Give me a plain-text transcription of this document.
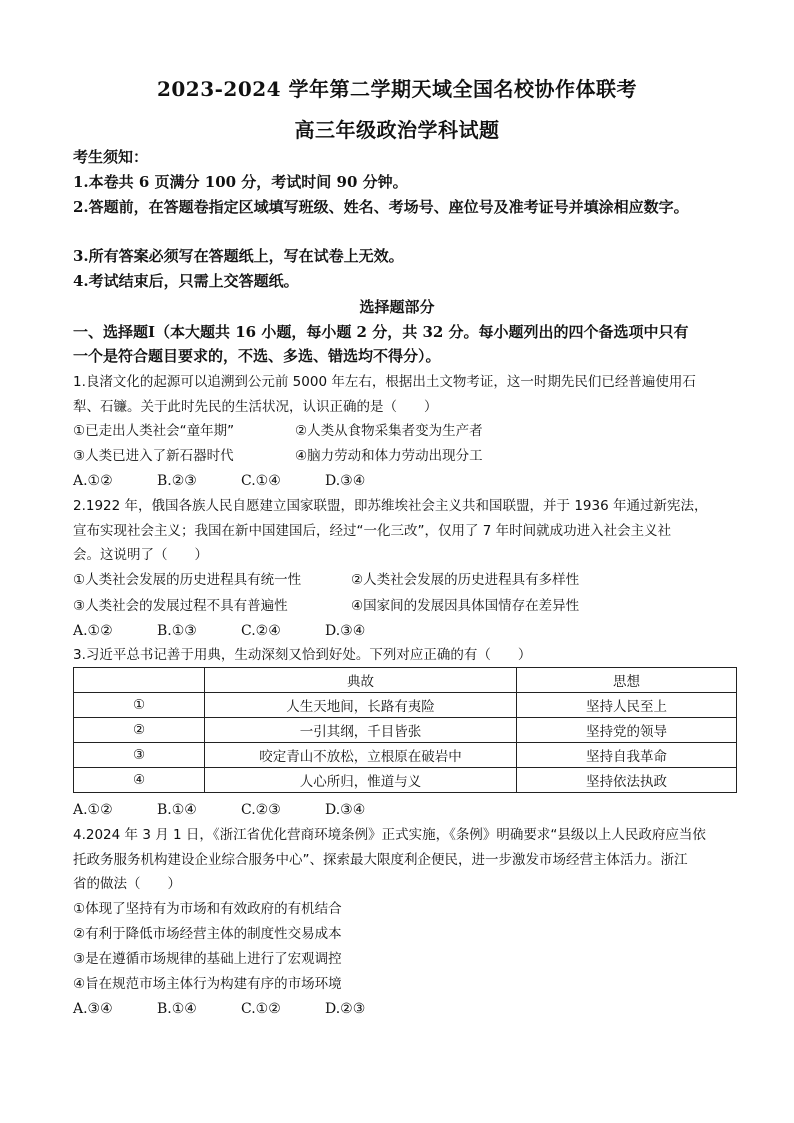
2023-2024 学年第二学期天域全国名校协作体联考
高三年级政治学科试题
考生须知：
1.本卷共 6 页满分 100 分，考试时间 90 分钟。
2.答题前，在答题卷指定区域填写班级、姓名、考场号、座位号及准考证号并填涂相应数字。
3.所有答案必须写在答题纸上，写在试卷上无效。
4.考试结束后，只需上交答题纸。
选择题部分
一、选择题Ⅰ（本大题共 16 小题，每小题 2 分，共 32 分。每小题列出的四个备选项中只有
一个是符合题目要求的，不选、多选、错选均不得分）。
1.良渚文化的起源可以追溯到公元前 5000 年左右，根据出土文物考证，这一时期先民们已经普遍使用石
犁、石镰。关于此时先民的生活状况，认识正确的是（　　）
①已走出人类社会“童年期”	②人类从食物采集者变为生产者
③人类已进入了新石器时代	④脑力劳动和体力劳动出现分工
A.①②	B.②③	C.①④	D.③④
2.1922 年，俄国各族人民自愿建立国家联盟，即苏维埃社会主义共和国联盟，并于 1936 年通过新宪法，
宣布实现社会主义；我国在新中国建国后，经过“一化三改”，仅用了 7 年时间就成功进入社会主义社
会。这说明了（　　）
①人类社会发展的历史进程具有统一性	②人类社会发展的历史进程具有多样性
③人类社会的发展过程不具有普遍性	④国家间的发展因具体国情存在差异性
A.①②	B.①③	C.②④	D.③④
3.习近平总书记善于用典，生动深刻又恰到好处。下列对应正确的有（　　）
	典故	思想
①	人生天地间，长路有夷险	坚持人民至上
②	一引其纲，千目皆张	坚持党的领导
③	咬定青山不放松，立根原在破岩中	坚持自我革命
④	人心所归，惟道与义	坚持依法执政
A.①②	B.①④	C.②③	D.③④
4.2024 年 3 月 1 日，《浙江省优化营商环境条例》正式实施，《条例》明确要求“县级以上人民政府应当依
托政务服务机构建设企业综合服务中心”、探索最大限度利企便民，进一步激发市场经营主体活力。浙江
省的做法（　　）
①体现了坚持有为市场和有效政府的有机结合
②有利于降低市场经营主体的制度性交易成本
③是在遵循市场规律的基础上进行了宏观调控
④旨在规范市场主体行为构建有序的市场环境
A.③④	B.①④	C.①②	D.②③
